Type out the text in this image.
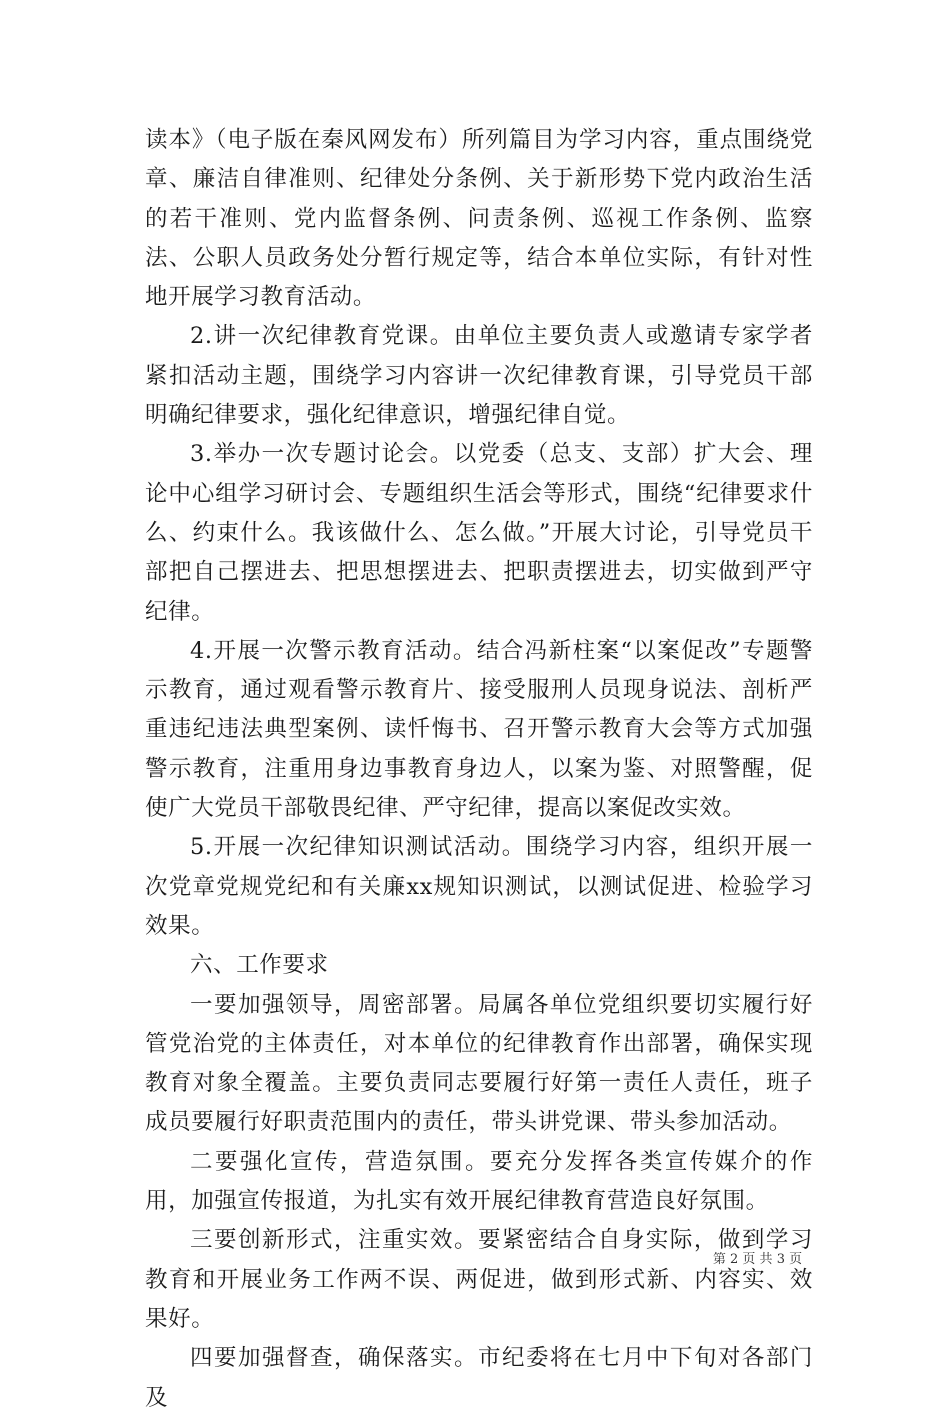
读本》（电子版在秦风网发布）所列篇目为学习内容，重点围绕党章、廉洁自律准则、纪律处分条例、关于新形势下党内政治生活的若干准则、党内监督条例、问责条例、巡视工作条例、监察法、公职人员政务处分暂行规定等，结合本单位实际，有针对性地开展学习教育活动。

2.讲一次纪律教育党课。由单位主要负责人或邀请专家学者紧扣活动主题，围绕学习内容讲一次纪律教育课，引导党员干部明确纪律要求，强化纪律意识，增强纪律自觉。

3.举办一次专题讨论会。以党委（总支、支部）扩大会、理论中心组学习研讨会、专题组织生活会等形式，围绕“纪律要求什么、约束什么。我该做什么、怎么做。”开展大讨论，引导党员干部把自己摆进去、把思想摆进去、把职责摆进去，切实做到严守纪律。

4.开展一次警示教育活动。结合冯新柱案“以案促改”专题警示教育，通过观看警示教育片、接受服刑人员现身说法、剖析严重违纪违法典型案例、读忏悔书、召开警示教育大会等方式加强警示教育，注重用身边事教育身边人，以案为鉴、对照警醒，促使广大党员干部敬畏纪律、严守纪律，提高以案促改实效。

5.开展一次纪律知识测试活动。围绕学习内容，组织开展一次党章党规党纪和有关廉xx规知识测试，以测试促进、检验学习效果。

六、工作要求

一要加强领导，周密部署。局属各单位党组织要切实履行好管党治党的主体责任，对本单位的纪律教育作出部署，确保实现教育对象全覆盖。主要负责同志要履行好第一责任人责任，班子成员要履行好职责范围内的责任，带头讲党课、带头参加活动。

二要强化宣传，营造氛围。要充分发挥各类宣传媒介的作用，加强宣传报道，为扎实有效开展纪律教育营造良好氛围。

三要创新形式，注重实效。要紧密结合自身实际，做到学习教育和开展业务工作两不误、两促进，做到形式新、内容实、效果好。

四要加强督查，确保落实。市纪委将在七月中下旬对各部门及

第 2 页 共 3 页
